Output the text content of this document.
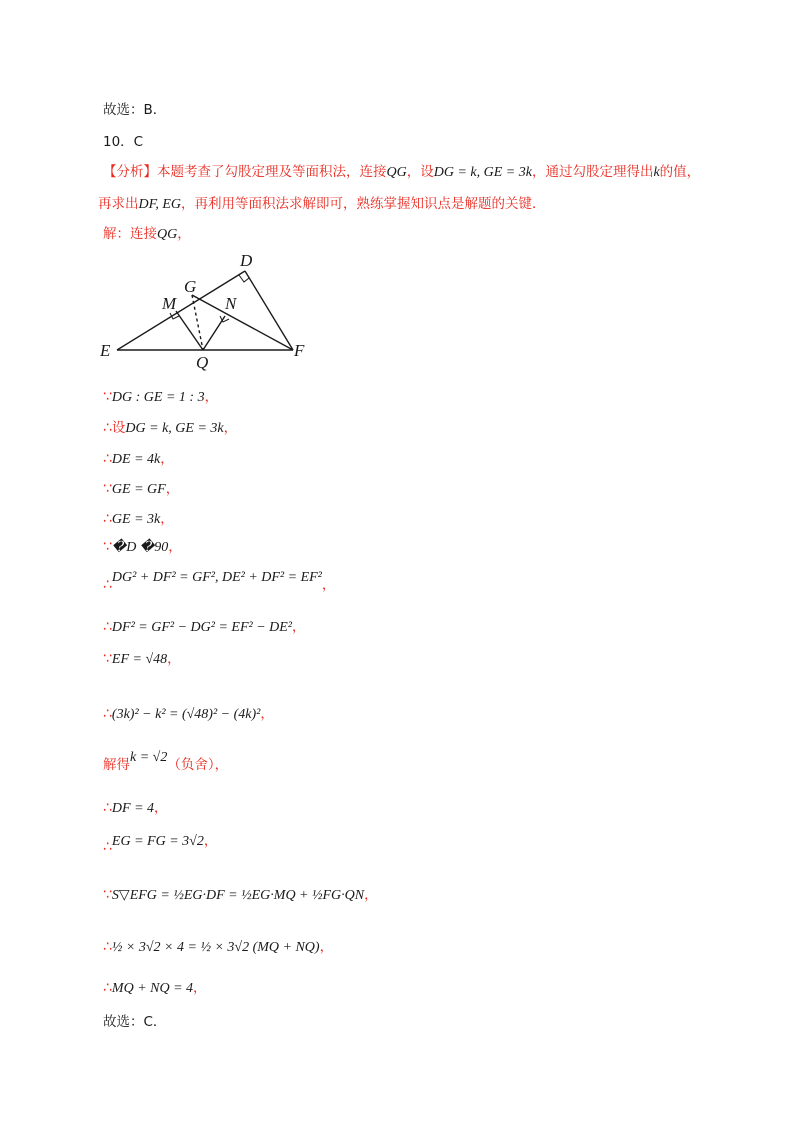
故选：B．
10．C
【分析】本题考查了勾股定理及等面积法，连接QG，设DG = k, GE = 3k，通过勾股定理得出k的值，
再求出DF, EG，再利用等面积法求解即可，熟练掌握知识点是解题的关键．
解：连接QG，
D
G
M	N
E
Q
F
∵DG : GE = 1 : 3，
∴设DG = k, GE = 3k，
∴DE = 4k，
∵GE = GF，
∴GE = 3k，
∵�D �90，
∴DG² + DF² = GF², DE² + DF² = EF²，
∴DF² = GF² − DG² = EF² − DE²，
∵EF = √48，
∴(3k)² − k² = (√48)² − (4k)²，
解得k = √2（负舍），
∴DF = 4，
∴EG = FG = 3√2，
∵S▽EFG = ½EG·DF = ½EG·MQ + ½FG·QN，
∴½ × 3√2 × 4 = ½ × 3√2 (MQ + NQ)，
∴MQ + NQ = 4，
故选：C．
